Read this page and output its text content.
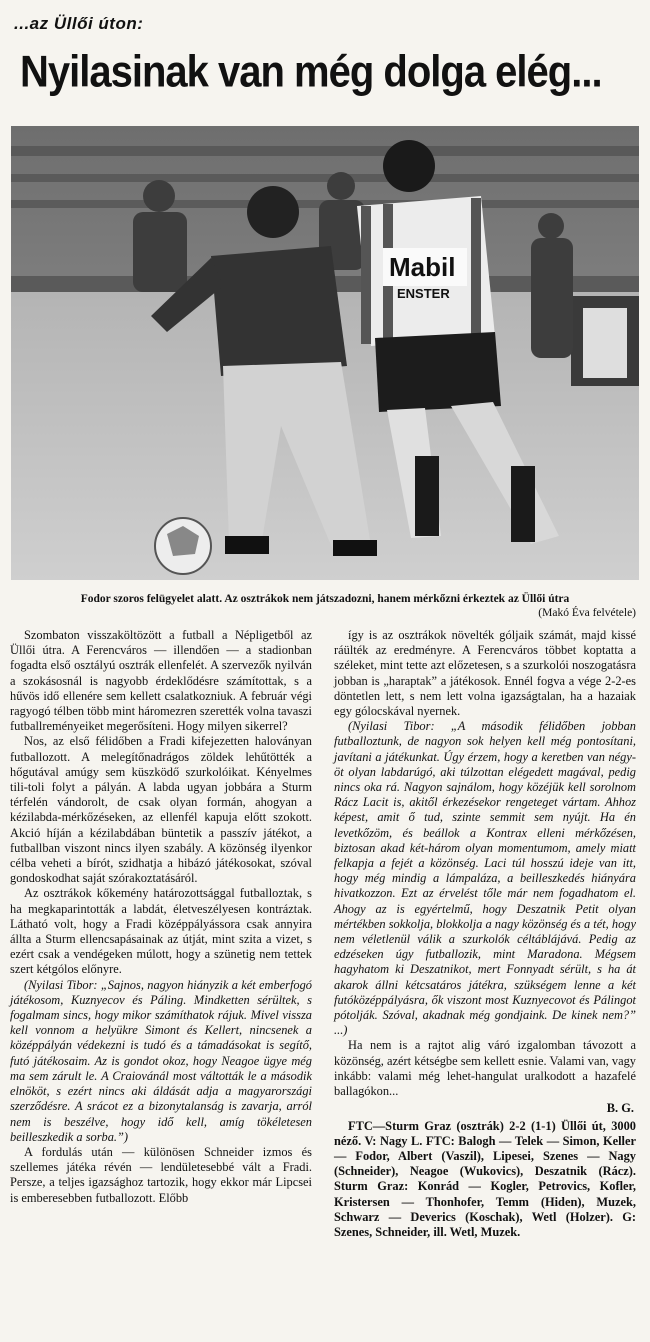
...az Üllői úton:
Nyilasinak van még dolga elég...
Mabil
ENSTER
Fodor szoros felügyelet alatt. Az osztrákok nem játszadozni, hanem mérkőzni érkeztek az Üllői útra
(Makó Éva felvétele)

Szombaton visszaköltözött a futball a Népligetből az Üllői útra. A Ferencváros — illendően — a stadionban fogadta első osztályú osztrák ellenfelét. A szervezők nyilván a szokásosnál is nagyobb érdeklődésre számítottak, s a hűvös idő ellenére sem kellett csalatkozniuk. A február végi ragyogó télben több mint háromezren szerették volna tavaszi futballreményeiket megerősíteni. Hogy milyen sikerrel?

Nos, az első félidőben a Fradi kifejezetten haloványan futballozott. A melegítőnadrágos zöldek lehűtötték a hőgutával amúgy sem küszködő szurkolóikat. Kényelmes tili-toli folyt a pályán. A labda ugyan jobbára a Sturm térfelén vándorolt, de csak olyan formán, ahogyan a kézilabda-mérkőzéseken, az ellenfél kapuja előtt szokott. Akció híján a kézilabdában büntetik a passzív játékot, a futballban viszont nincs ilyen szabály. A közönség ilyenkor célba veheti a bírót, szidhatja a hibázó játékosokat, szóval gondoskodhat saját szórakoztatásáról.

Az osztrákok kőkemény határozottsággal futballoztak, s ha megkaparintották a labdát, életveszélyesen kontráztak. Látható volt, hogy a Fradi középpályássora csak annyira állta a Sturm ellencsapásainak az útját, mint szita a vizet, s ezért csak a vendégeken múlott, hogy a szünetig nem tettek szert kétgólos előnyre.

(Nyilasi Tibor: „Sajnos, nagyon hiányzik a két emberfogó játékosom, Kuznyecov és Páling. Mindketten sérültek, s fogalmam sincs, hogy mikor számíthatok rájuk. Mivel vissza kell vonnom a helyükre Simont és Kellert, nincsenek a középpályán védekezni is tudó és a támadásokat is segítő, futó játékosaim. Az is gondot okoz, hogy Neagoe ügye még ma sem zárult le. A Craiovánál most váltották le a második elnököt, s ezért nincs aki áldását adja a magyarországi szerződésre. A srácot ez a bizonytalanság is zavarja, arról nem is beszélve, hogy idő kell, amíg tökéletesen beilleszkedik a sorba.”)

A fordulás után — különösen Schneider izmos és szellemes játéka révén — lendületesebbé vált a Fradi. Persze, a teljes igazsághoz tartozik, hogy ekkor már Lipcsei is emberesebben futballozott. Előbb

így is az osztrákok növelték góljaik számát, majd kissé ráülték az eredményre. A Ferencváros többet koptatta a széleket, mint tette azt előzetesen, s a szurkolói noszogatásra jobban is „haraptak” a játékosok. Ennél fogva a vége 2-2-es döntetlen lett, s nem lett volna igazságtalan, ha a hazaiak egy gólocskával nyernek.

(Nyilasi Tibor: „A második félidőben jobban futballoztunk, de nagyon sok helyen kell még pontosítani, javítani a játékunkat. Úgy érzem, hogy a keretben van négy-öt olyan labdarúgó, aki túlzottan elégedett magával, pedig nincs oka rá. Nagyon sajnálom, hogy közéjük kell sorolnom Rácz Lacit is, akitől érkezésekor rengeteget vártam. Ahhoz képest, amit ő tud, szinte semmit sem nyújt. Ha én levetkőzöm, és beállok a Kontrax elleni mérkőzésen, biztosan akad két-három olyan momentumom, amely miatt felkapja a fejét a közönség. Laci túl hosszú ideje van itt, hogy még mindig a lámpaláza, a beilleszkedés hiányára hivatkozzon. Ezt az érvelést tőle már nem fogadhatom el. Ahogy az is egyértelmű, hogy Deszatnik Petit olyan mértékben sokkolja, blokkolja a nagy közönség és a tét, hogy nem véletlenül válik a szurkolók céltáblájává. Pedig az edzéseken úgy futballozik, mint Maradona. Mégsem hagyhatom ki Deszatnikot, mert Fonnyadt sérült, s ha át akarok állni kétcsatáros játékra, szükségem lenne a két futóközéppályásra, ők viszont most Kuznyecovot és Pálingot pótolják. Szóval, akadnak még gondjaink. De kinek nem?” ...)

Ha nem is a rajtot alig váró izgalomban távozott a közönség, azért kétségbe sem kellett esnie. Valami van, vagy inkább: valami még lehet-hangulat uralkodott a hazafelé ballagókon...

B. G.

FTC—Sturm Graz (osztrák) 2-2 (1-1) Üllői út, 3000 néző. V: Nagy L. FTC: Balogh — Telek — Simon, Keller — Fodor, Albert (Vaszil), Lipesei, Szenes — Nagy (Schneider), Neagoe (Wukovics), Deszatnik (Rácz). Sturm Graz: Konrád — Kogler, Petrovics, Kofler, Kristersen — Thonhofer, Temm (Hiden), Muzek, Schwarz — Deverics (Koschak), Wetl (Holzer). G: Szenes, Schneider, ill. Wetl, Muzek.
